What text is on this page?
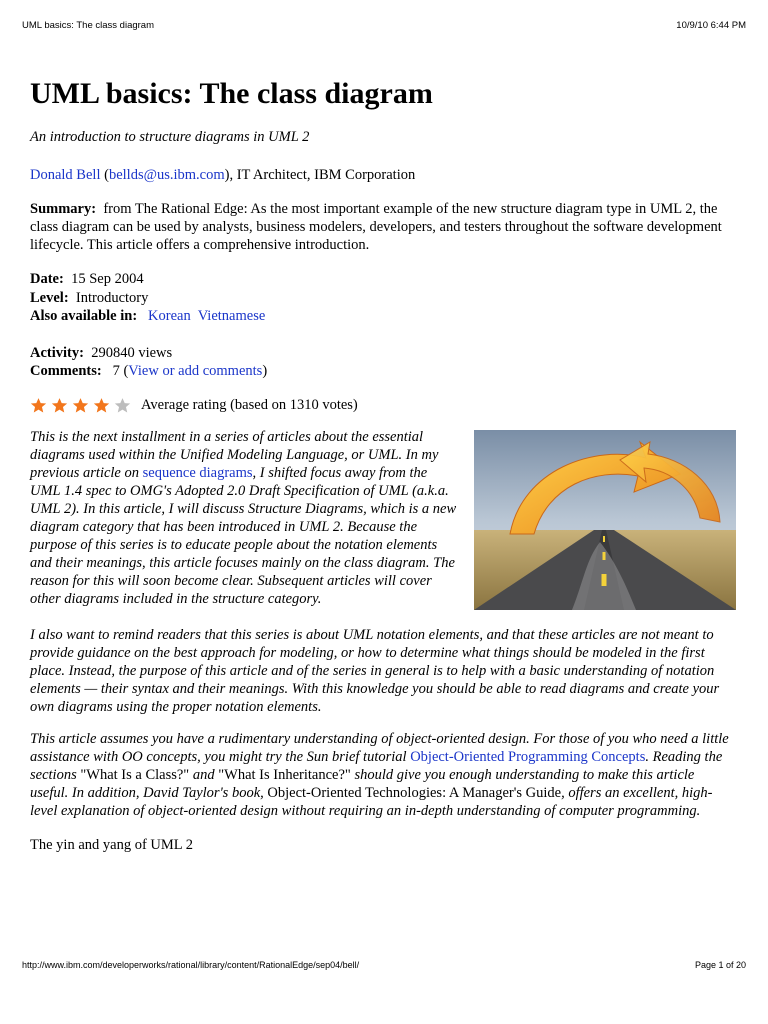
UML basics: The class diagram	10/9/10 6:44 PM
UML basics: The class diagram

An introduction to structure diagrams in UML 2

Donald Bell (bellds@us.ibm.com), IT Architect, IBM Corporation

Summary: from The Rational Edge: As the most important example of the new structure diagram type in UML 2, the class diagram can be used by analysts, business modelers, developers, and testers throughout the software development lifecycle. This article offers a comprehensive introduction.

Date: 15 Sep 2004

Level: Introductory

Also available in: Korean Vietnamese

Activity: 290840 views

Comments: 7 (View or add comments)

Average rating (based on 1310 votes)

This is the next installment in a series of articles about the essential diagrams used within the Unified Modeling Language, or UML. In my previous article on sequence diagrams, I shifted focus away from the UML 1.4 spec to OMG's Adopted 2.0 Draft Specification of UML (a.k.a. UML 2). In this article, I will discuss Structure Diagrams, which is a new diagram category that has been introduced in UML 2. Because the purpose of this series is to educate people about the notation elements and their meanings, this article focuses mainly on the class diagram. The reason for this will soon become clear. Subsequent articles will cover other diagrams included in the structure category.

I also want to remind readers that this series is about UML notation elements, and that these articles are not meant to provide guidance on the best approach for modeling, or how to determine what things should be modeled in the first place. Instead, the purpose of this article and of the series in general is to help with a basic understanding of notation elements — their syntax and their meanings. With this knowledge you should be able to read diagrams and create your own diagrams using the proper notation elements.

This article assumes you have a rudimentary understanding of object-oriented design. For those of you who need a little assistance with OO concepts, you might try the Sun brief tutorial Object-Oriented Programming Concepts. Reading the sections "What Is a Class?" and "What Is Inheritance?" should give you enough understanding to make this article useful. In addition, David Taylor's book, Object-Oriented Technologies: A Manager's Guide, offers an excellent, high-level explanation of object-oriented design without requiring an in-depth understanding of computer programming.

The yin and yang of UML 2

http://www.ibm.com/developerworks/rational/library/content/RationalEdge/sep04/bell/	Page 1 of 20
